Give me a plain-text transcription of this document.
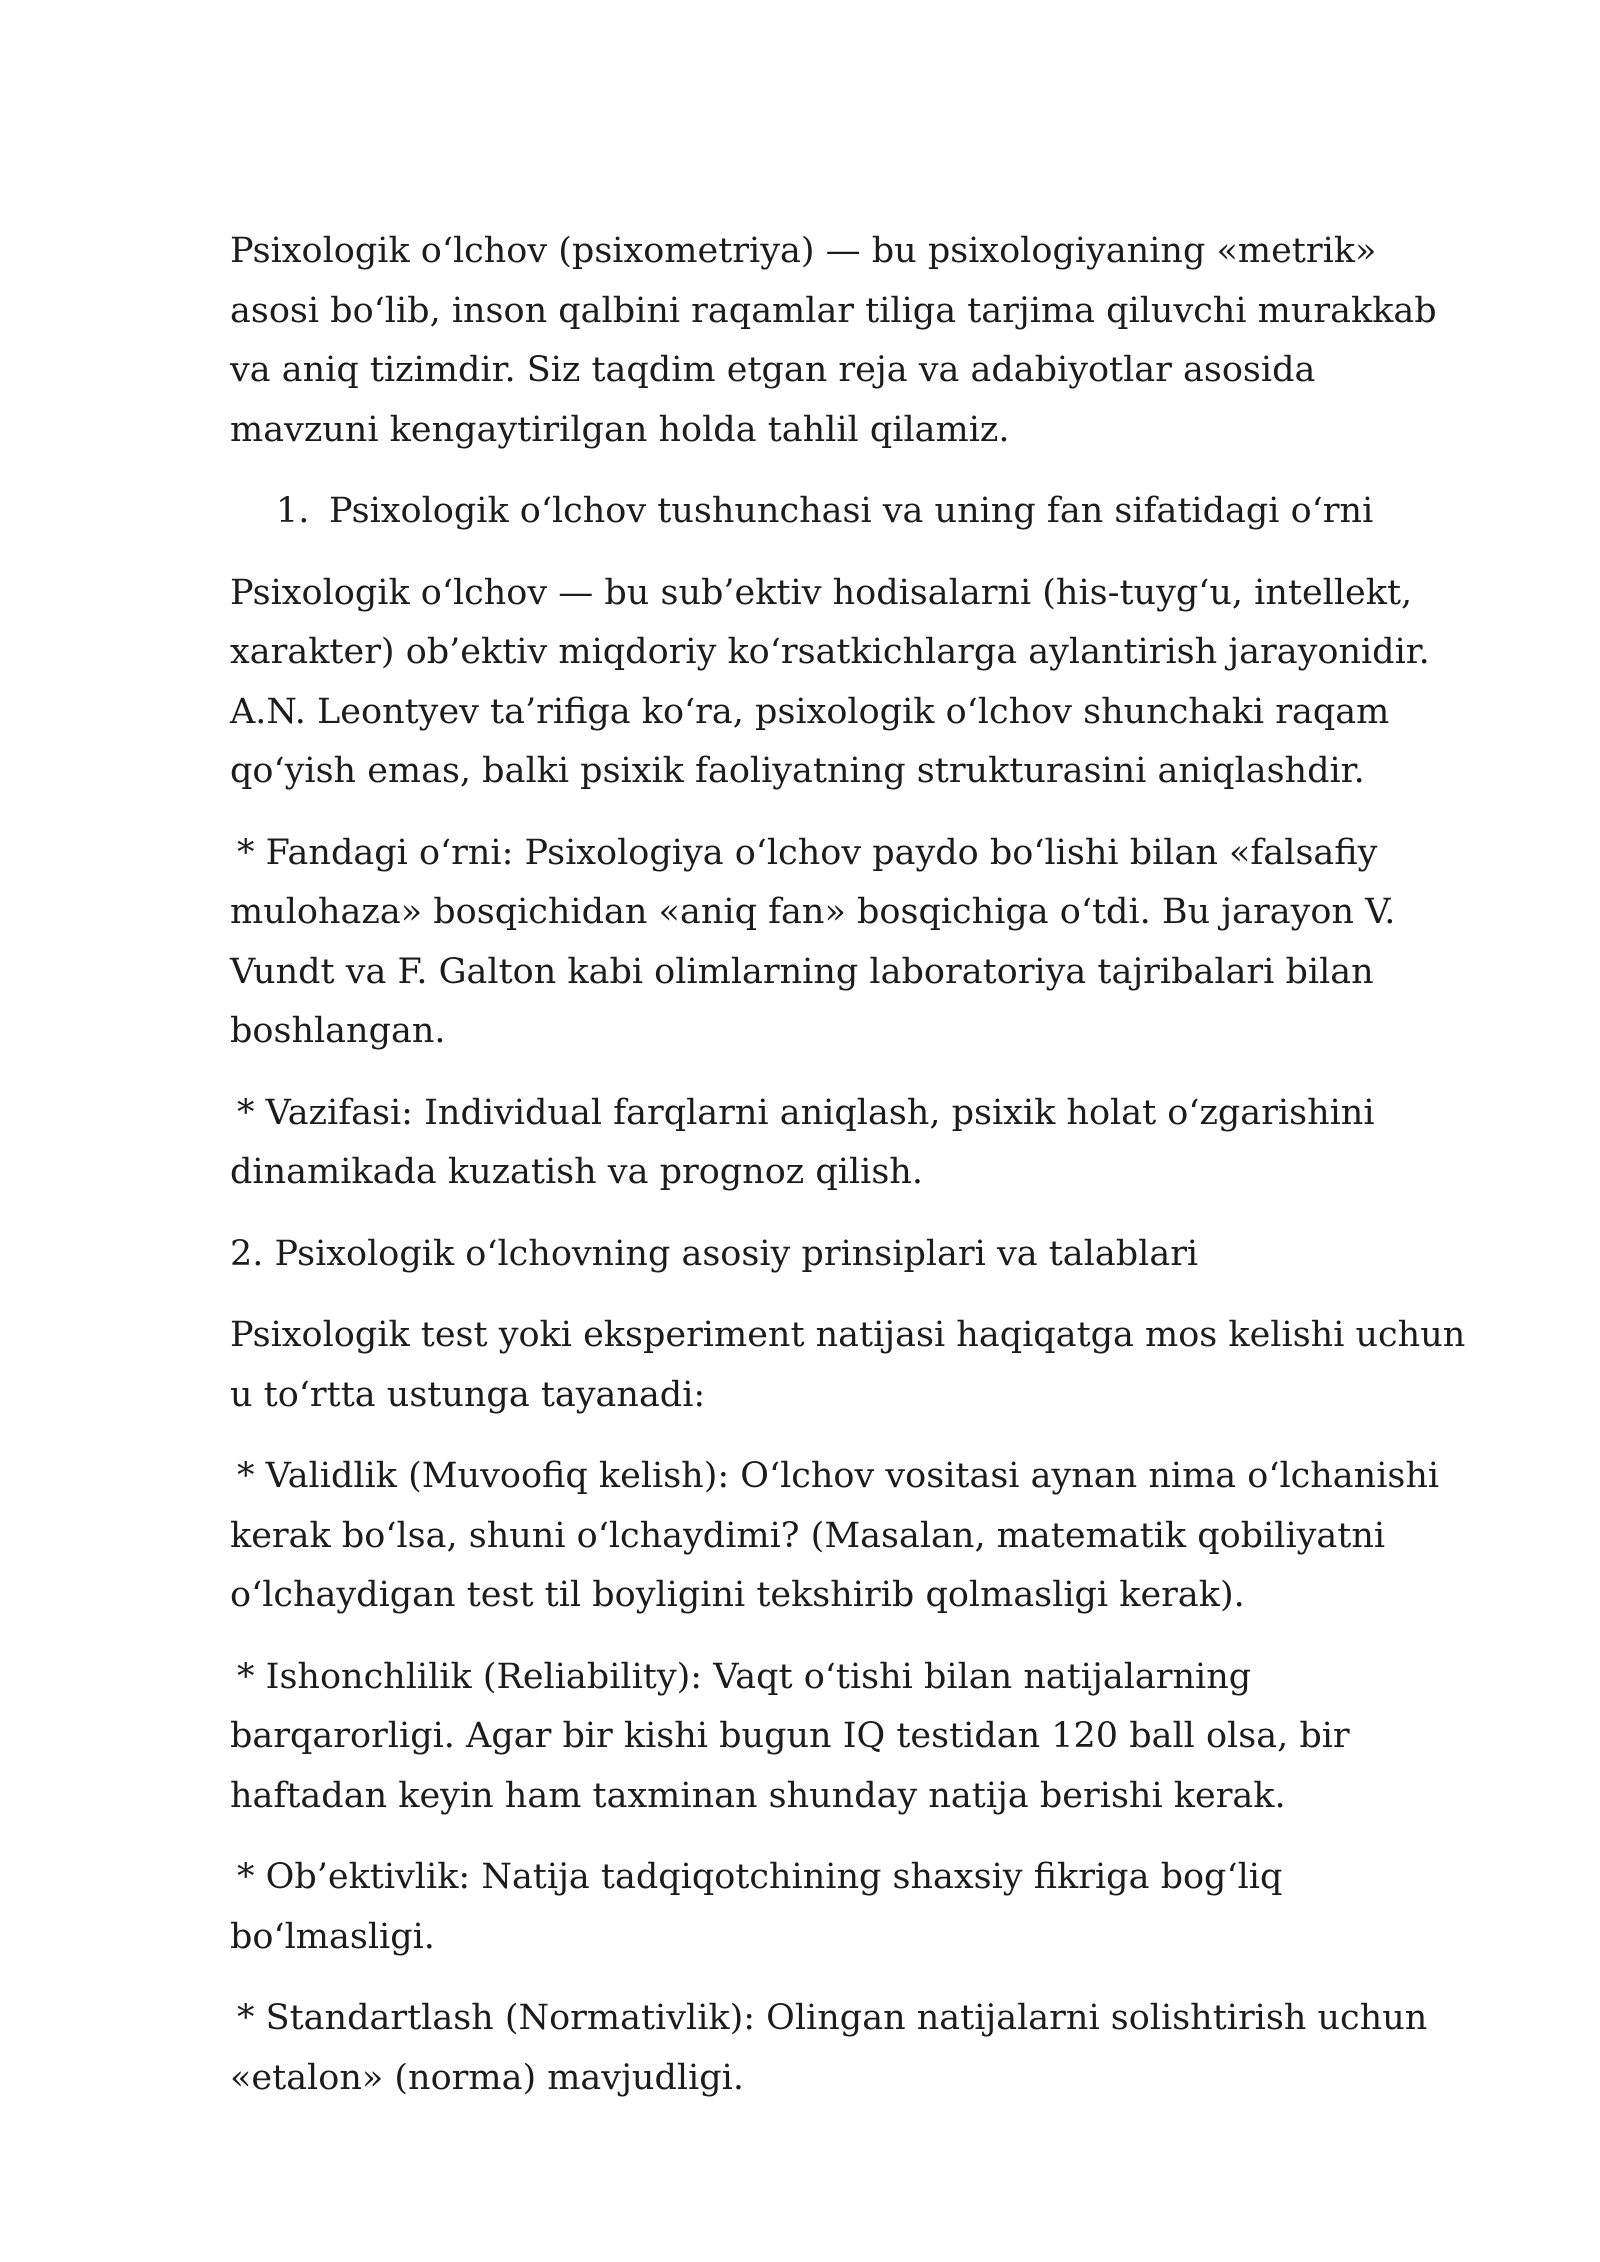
Psixologik o‘lchov (psixometriya) — bu psixologiyaning «metrik»
asosi bo‘lib, inson qalbini raqamlar tiliga tarjima qiluvchi murakkab
va aniq tizimdir. Siz taqdim etgan reja va adabiyotlar asosida
mavzuni kengaytirilgan holda tahlil qilamiz.
1. Psixologik o‘lchov tushunchasi va uning fan sifatidagi o‘rni
Psixologik o‘lchov — bu sub’ektiv hodisalarni (his-tuyg‘u, intellekt,
xarakter) ob’ektiv miqdoriy ko‘rsatkichlarga aylantirish jarayonidir.
A.N. Leontyev ta’rifiga ko‘ra, psixologik o‘lchov shunchaki raqam
qo‘yish emas, balki psixik faoliyatning strukturasini aniqlashdir.
* Fandagi o‘rni: Psixologiya o‘lchov paydo bo‘lishi bilan «falsafiy
mulohaza» bosqichidan «aniq fan» bosqichiga o‘tdi. Bu jarayon V.
Vundt va F. Galton kabi olimlarning laboratoriya tajribalari bilan
boshlangan.
* Vazifasi: Individual farqlarni aniqlash, psixik holat o‘zgarishini
dinamikada kuzatish va prognoz qilish.
2. Psixologik o‘lchovning asosiy prinsiplari va talablari
Psixologik test yoki eksperiment natijasi haqiqatga mos kelishi uchun
u to‘rtta ustunga tayanadi:
* Validlik (Muvoofiq kelish): O‘lchov vositasi aynan nima o‘lchanishi
kerak bo‘lsa, shuni o‘lchaydimi? (Masalan, matematik qobiliyatni
o‘lchaydigan test til boyligini tekshirib qolmasligi kerak).
* Ishonchlilik (Reliability): Vaqt o‘tishi bilan natijalarning
barqarorligi. Agar bir kishi bugun IQ testidan 120 ball olsa, bir
haftadan keyin ham taxminan shunday natija berishi kerak.
* Ob’ektivlik: Natija tadqiqotchining shaxsiy fikriga bog‘liq
bo‘lmasligi.
* Standartlash (Normativlik): Olingan natijalarni solishtirish uchun
«etalon» (norma) mavjudligi.
